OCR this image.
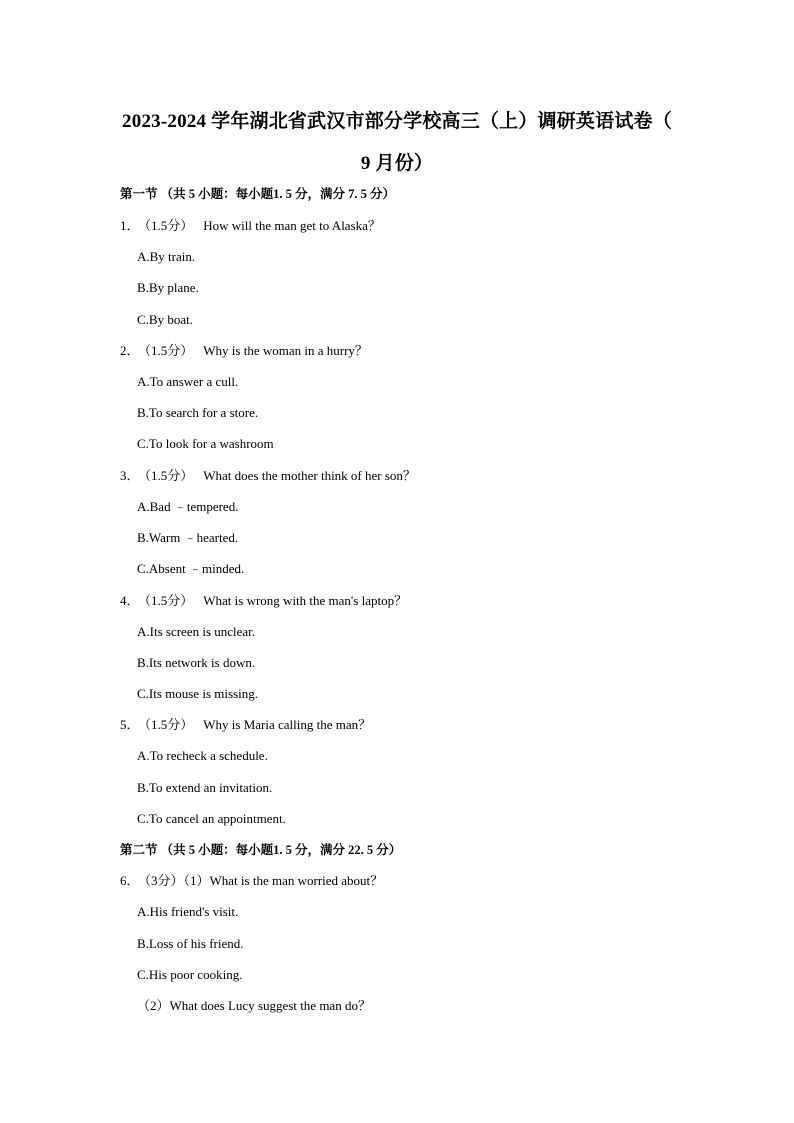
2023-2024 学年湖北省武汉市部分学校高三（上）调研英语试卷（
9 月份）
第一节 （共 5 小题：每小题1. 5 分，满分 7. 5 分）
1．（1.5分） How will the man get to Alaska？
A.By train.
B.By plane.
C.By boat.
2．（1.5分） Why is the woman in a hurry？
A.To answer a cull.
B.To search for a store.
C.To look for a washroom
3．（1.5分） What does the mother think of her son？
A.Bad ﹣tempered.
B.Warm ﹣hearted.
C.Absent ﹣minded.
4．（1.5分） What is wrong with the man's laptop？
A.Its screen is unclear.
B.Its network is down.
C.Its mouse is missing.
5．（1.5分） Why is Maria calling the man？
A.To recheck a schedule.
B.To extend an invitation.
C.To cancel an appointment.
第二节 （共 5 小题：每小题1. 5 分，满分 22. 5 分）
6．（3分）（1）What is the man worried about？
A.His friend's visit.
B.Loss of his friend.
C.His poor cooking.
（2）What does Lucy suggest the man do？
